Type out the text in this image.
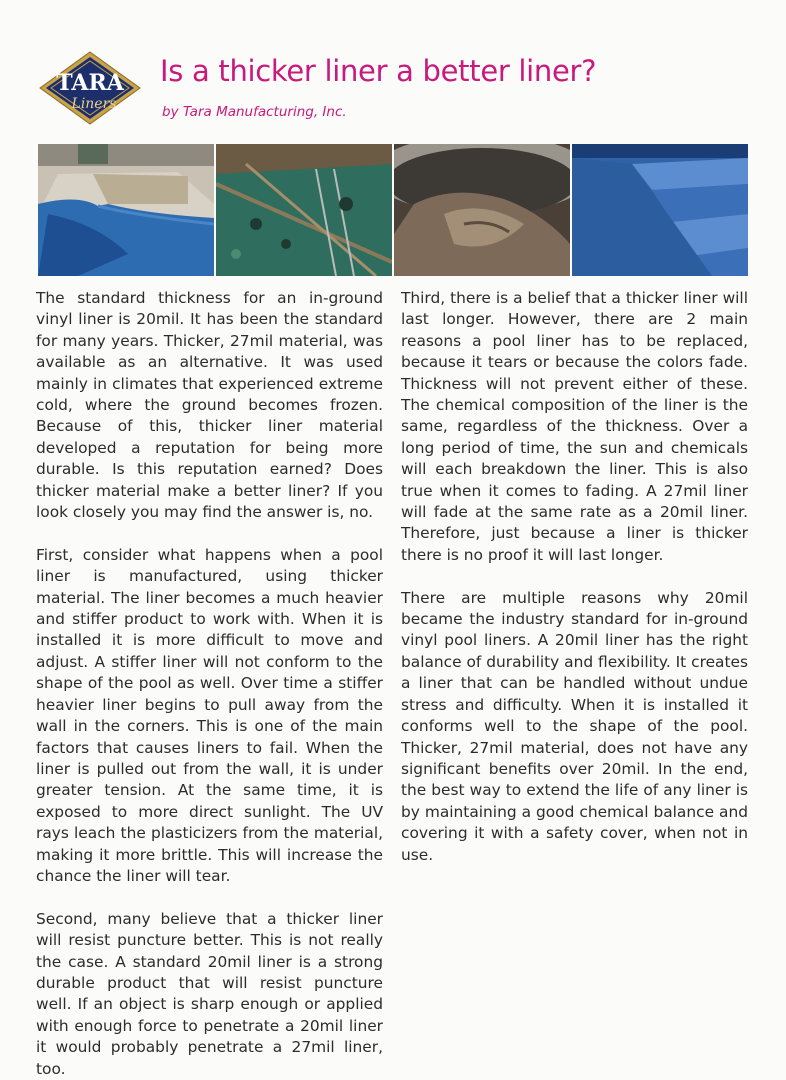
TARA
Liners
Is a thicker liner a better liner?
by Tara Manufacturing, Inc.

The standard thickness for an in-ground vinyl liner is 20mil. It has been the standard for many years. Thicker, 27mil material, was available as an alternative. It was used mainly in climates that experienced extreme cold, where the ground becomes frozen. Because of this, thicker liner material developed a reputation for being more durable. Is this reputation earned? Does thicker material make a better liner? If you look closely you may find the answer is, no.

First, consider what happens when a pool liner is manufactured, using thicker material. The liner becomes a much heavier and stiffer product to work with. When it is installed it is more difficult to move and adjust. A stiffer liner will not conform to the shape of the pool as well. Over time a stiffer heavier liner begins to pull away from the wall in the corners. This is one of the main factors that causes liners to fail. When the liner is pulled out from the wall, it is under greater tension. At the same time, it is exposed to more direct sunlight. The UV rays leach the plasticizers from the material, making it more brittle. This will increase the chance the liner will tear.

Second, many believe that a thicker liner will resist puncture better. This is not really the case. A standard 20mil liner is a strong durable product that will resist puncture well. If an object is sharp enough or applied with enough force to penetrate a 20mil liner it would probably penetrate a 27mil liner, too.

Third, there is a belief that a thicker liner will last longer. However, there are 2 main reasons a pool liner has to be replaced, because it tears or because the colors fade. Thickness will not prevent either of these. The chemical composition of the liner is the same, regardless of the thickness. Over a long period of time, the sun and chemicals will each breakdown the liner. This is also true when it comes to fading. A 27mil liner will fade at the same rate as a 20mil liner. Therefore, just because a liner is thicker there is no proof it will last longer.

There are multiple reasons why 20mil became the industry standard for in-ground vinyl pool liners. A 20mil liner has the right balance of durability and flexibility. It creates a liner that can be handled without undue stress and difficulty. When it is installed it conforms well to the shape of the pool. Thicker, 27mil material, does not have any significant benefits over 20mil. In the end, the best way to extend the life of any liner is by maintaining a good chemical balance and covering it with a safety cover, when not in use.
